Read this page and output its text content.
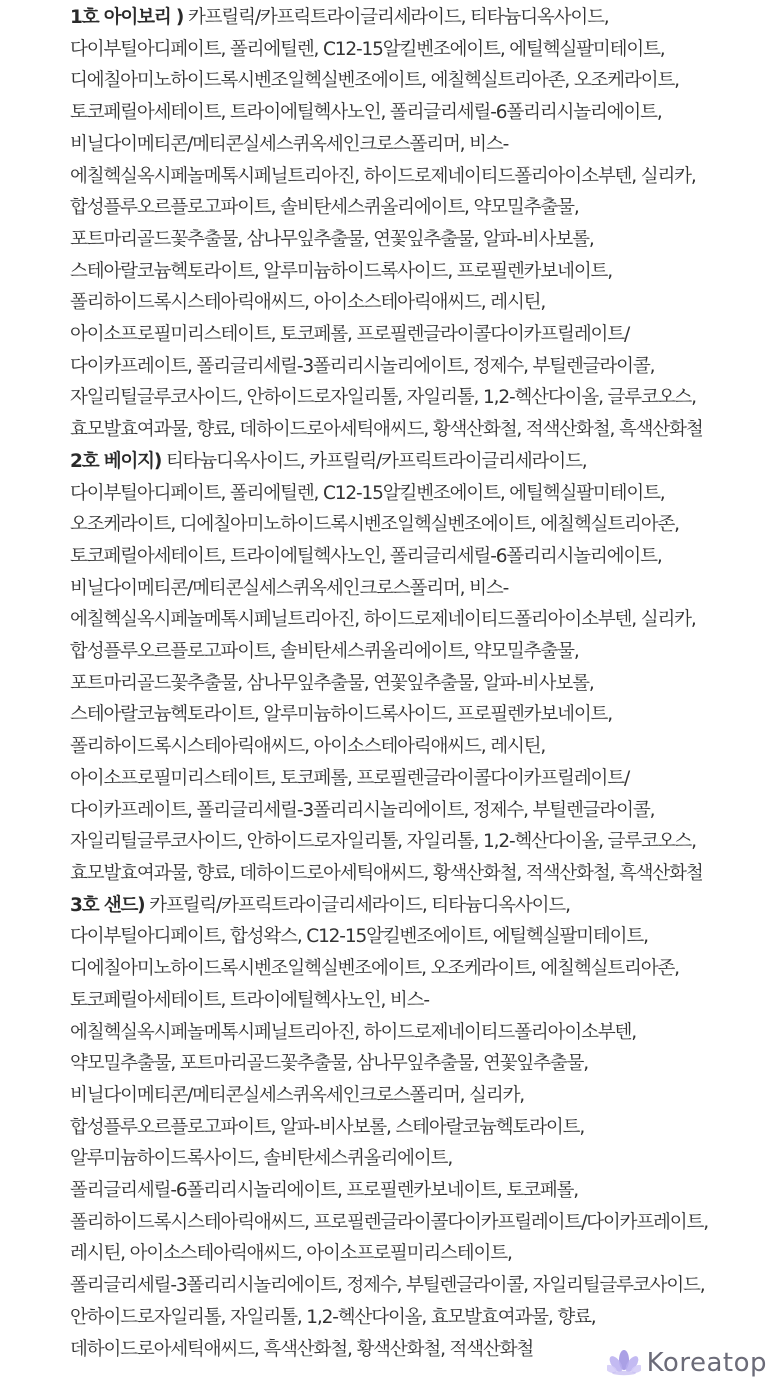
1호 아이보리 ) 카프릴릭/카프릭트라이글리세라이드, 티타늄디옥사이드, 다이부틸아디페이트, 폴리에틸렌, C12-15알킬벤조에이트, 에틸헥실팔미테이트, 디에칠아미노하이드록시벤조일헥실벤조에이트, 에칠헥실트리아존, 오조케라이트, 토코페릴아세테이트, 트라이에틸헥사노인, 폴리글리세릴-6폴리리시놀리에이트, 비닐다이메티콘/메티콘실세스퀴옥세인크로스폴리머, 비스-에칠헥실옥시페놀메톡시페닐트리아진, 하이드로제네이티드폴리아이소부텐, 실리카, 합성플루오르플로고파이트, 솔비탄세스퀴올리에이트, 약모밀추출물, 포트마리골드꽃추출물, 삼나무잎추출물, 연꽃잎추출물, 알파-비사보롤, 스테아랄코늄헥토라이트, 알루미늄하이드록사이드, 프로필렌카보네이트, 폴리하이드록시스테아릭애씨드, 아이소스테아릭애씨드, 레시틴, 아이소프로필미리스테이트, 토코페롤, 프로필렌글라이콜다이카프릴레이트/다이카프레이트, 폴리글리세릴-3폴리리시놀리에이트, 정제수, 부틸렌글라이콜, 자일리틸글루코사이드, 안하이드로자일리톨, 자일리톨, 1,2-헥산다이올, 글루코오스, 효모발효여과물, 향료, 데하이드로아세틱애씨드, 황색산화철, 적색산화철, 흑색산화철 2호 베이지) 티타늄디옥사이드, 카프릴릭/카프릭트라이글리세라이드, 다이부틸아디페이트, 폴리에틸렌, C12-15알킬벤조에이트, 에틸헥실팔미테이트, 오조케라이트, 디에칠아미노하이드록시벤조일헥실벤조에이트, 에칠헥실트리아존, 토코페릴아세테이트, 트라이에틸헥사노인, 폴리글리세릴-6폴리리시놀리에이트, 비닐다이메티콘/메티콘실세스퀴옥세인크로스폴리머, 비스-에칠헥실옥시페놀메톡시페닐트리아진, 하이드로제네이티드폴리아이소부텐, 실리카, 합성플루오르플로고파이트, 솔비탄세스퀴올리에이트, 약모밀추출물, 포트마리골드꽃추출물, 삼나무잎추출물, 연꽃잎추출물, 알파-비사보롤, 스테아랄코늄헥토라이트, 알루미늄하이드록사이드, 프로필렌카보네이트, 폴리하이드록시스테아릭애씨드, 아이소스테아릭애씨드, 레시틴, 아이소프로필미리스테이트, 토코페롤, 프로필렌글라이콜다이카프릴레이트/다이카프레이트, 폴리글리세릴-3폴리리시놀리에이트, 정제수, 부틸렌글라이콜, 자일리틸글루코사이드, 안하이드로자일리톨, 자일리톨, 1,2-헥산다이올, 글루코오스, 효모발효여과물, 향료, 데하이드로아세틱애씨드, 황색산화철, 적색산화철, 흑색산화철 3호 샌드) 카프릴릭/카프릭트라이글리세라이드, 티타늄디옥사이드, 다이부틸아디페이트, 합성왁스, C12-15알킬벤조에이트, 에틸헥실팔미테이트, 디에칠아미노하이드록시벤조일헥실벤조에이트, 오조케라이트, 에칠헥실트리아존, 토코페릴아세테이트, 트라이에틸헥사노인, 비스-에칠헥실옥시페놀메톡시페닐트리아진, 하이드로제네이티드폴리아이소부텐, 약모밀추출물, 포트마리골드꽃추출물, 삼나무잎추출물, 연꽃잎추출물, 비닐다이메티콘/메티콘실세스퀴옥세인크로스폴리머, 실리카, 합성플루오르플로고파이트, 알파-비사보롤, 스테아랄코늄헥토라이트, 알루미늄하이드록사이드, 솔비탄세스퀴올리에이트, 폴리글리세릴-6폴리리시놀리에이트, 프로필렌카보네이트, 토코페롤, 폴리하이드록시스테아릭애씨드, 프로필렌글라이콜다이카프릴레이트/다이카프레이트, 레시틴, 아이소스테아릭애씨드, 아이소프로필미리스테이트, 폴리글리세릴-3폴리리시놀리에이트, 정제수, 부틸렌글라이콜, 자일리틸글루코사이드, 안하이드로자일리톨, 자일리톨, 1,2-헥산다이올, 효모발효여과물, 향료, 데하이드로아세틱애씨드, 흑색산화철, 황색산화철, 적색산화철	Koreatop
